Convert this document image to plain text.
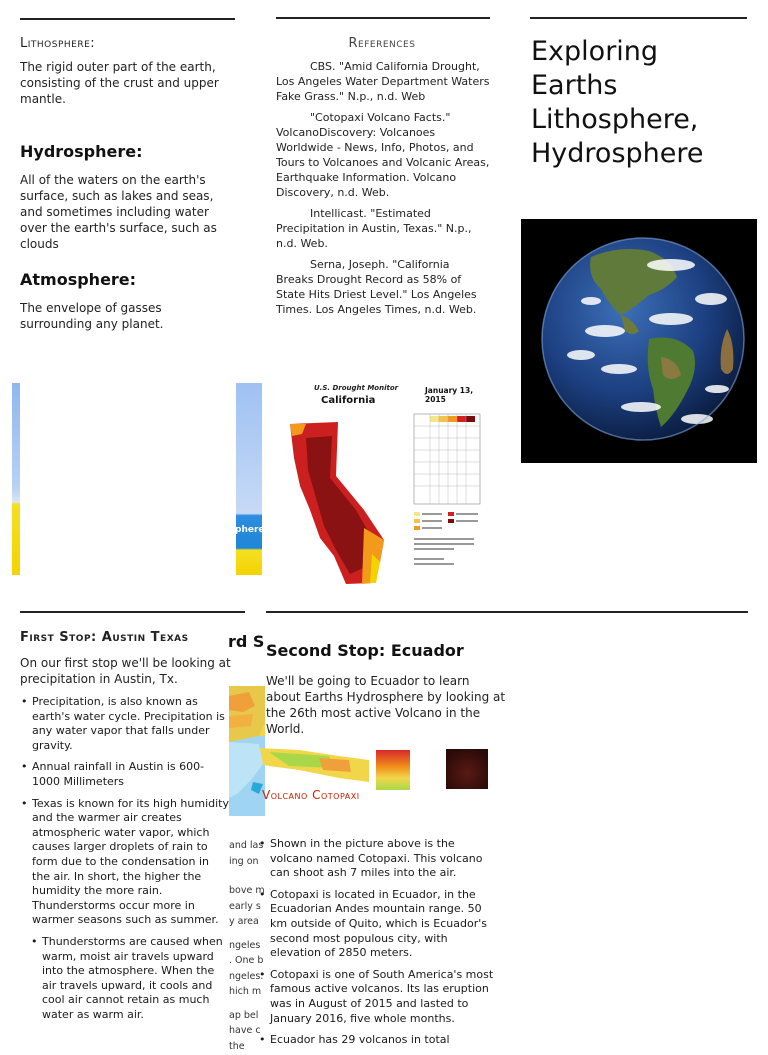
Lithosphere:
The rigid outer part of the earth, consisting of the crust and upper mantle.
Hydrosphere:
All of the waters on the earth's surface, such as lakes and seas, and sometimes including water over the earth's surface, such as clouds
Atmosphere:
The envelope of gasses surrounding any planet.
phere
References

CBS. "Amid California Drought, Los Angeles Water Department Waters Fake Grass." N.p., n.d. Web

"Cotopaxi Volcano Facts." VolcanoDiscovery: Volcanoes Worldwide - News, Info, Photos, and Tours to Volcanoes and Volcanic Areas, Earthquake Information. Volcano Discovery, n.d. Web.

Intellicast. "Estimated Precipitation in Austin, Texas." N.p., n.d. Web.

Serna, Joseph. "California Breaks Drought Record as 58% of State Hits Driest Level." Los Angeles Times. Los Angeles Times, n.d. Web.

U.S. Drought Monitor
California
January 13, 2015
Exploring Earths Lithosphere, Hydrosphere
and las
ing on
bove m
early s
y area
ngeles
. One b
ngeles.
hich m
ap bel
have c
the
First Stop: Austin Texas	rd S
On our first stop we'll be looking at precipitation in Austin, Tx.
• Precipitation, is also known as earth's water cycle. Precipitation is any water vapor that falls under gravity.
• Annual rainfall in Austin is 600-1000 Millimeters
• Texas is known for its high humidity and the warmer air creates atmospheric water vapor, which causes larger droplets of rain to form due to the condensation in the air. In short, the higher the humidity the more rain. Thunderstorms occur more in warmer seasons such as summer.
• Thunderstorms are caused when warm, moist air travels upward into the atmosphere. When the air travels upward, it cools and cool air cannot retain as much water as warm air.
Second Stop: Ecuador
We'll be going to Ecuador to learn about Earths Hydrosphere by looking at the 26th most active Volcano in the World.
Volcano Cotopaxi
• Shown in the picture above is the volcano named Cotopaxi. This volcano can shoot ash 7 miles into the air.
• Cotopaxi is located in Ecuador, in the Ecuadorian Andes mountain range. 50 km outside of Quito, which is Ecuador's second most populous city, with elevation of 2850 meters.
• Cotopaxi is one of South America's most famous active volcanos. Its las eruption was in August of 2015 and lasted to January 2016, five whole months.
• Ecuador has 29 volcanos in total
